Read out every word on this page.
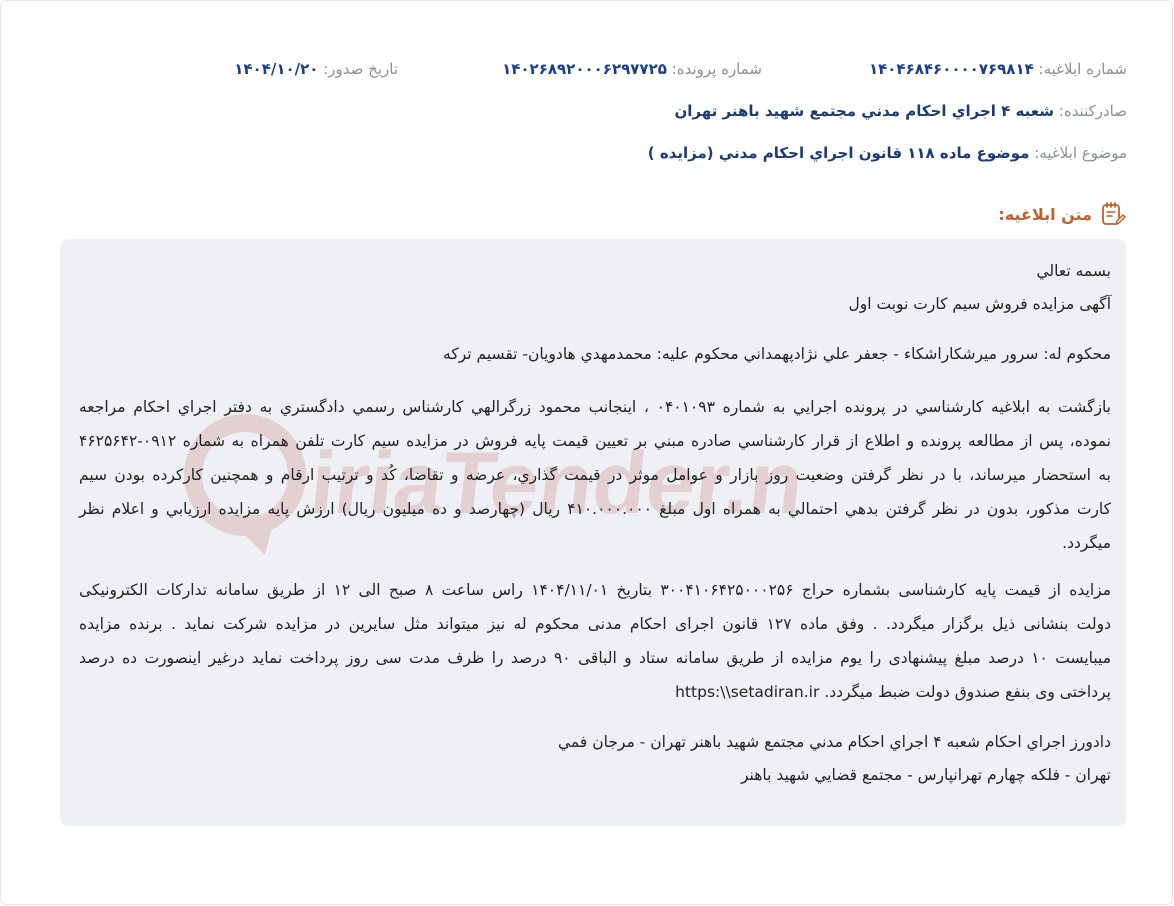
شماره ابلاغیه: ۱۴۰۴۶۸۴۶۰۰۰۰۷۶۹۸۱۴
شماره پرونده: ۱۴۰۲۶۸۹۲۰۰۰۶۲۹۷۷۲۵
تاریخ صدور: ۱۴۰۴/۱۰/۲۰
صادرکننده: شعبه ۴ اجراي احکام مدني مجتمع شهيد باهنر تهران
موضوع ابلاغیه: موضوع ماده ۱۱۸ قانون اجراي احکام مدني (مزايده )
متن ابلاغیه:
بسمه تعالي
آگهی مزايده فروش سيم کارت نوبت اول
محکوم له: سرور ميرشکاراشکاء - جعفر علي نژادپهمداني محکوم عليه: محمدمهدي هادويان- تقسيم ترکه
بازگشت به ابلاغيه کارشناسي در پرونده اجرايي به شماره ۰۴۰۱۰۹۳ ، اينجانب محمود زرگرالهي کارشناس رسمي دادگستري به دفتر اجراي احکام مراجعه
نموده، پس از مطالعه پرونده و اطلاع از قرار کارشناسي صادره مبني بر تعيين قيمت پايه فروش در مزايده سيم کارت تلفن همراه به شماره ۰۹۱۲-۴۶۲۵۶۴۲
به استحضار ميرساند، با در نظر گرفتن وضعيت روز بازار و عوامل موثر در قيمت گذاري، عرضه و تقاضا، کُد و ترتيب ارقام و همچنين کارکرده بودن سيم
کارت مذکور، بدون در نظر گرفتن بدهي احتمالي به همراه اول مبلغ ۴۱۰.۰۰۰.۰۰۰ ريال (چهارصد و ده ميليون ريال) ارزش پايه مزايده ارزيابي و اعلام نظر
ميگردد.
مزایده از قیمت پایه کارشناسی بشماره حراج ۳۰۰۴۱۰۶۴۲۵۰۰۰۲۵۶ بتاریخ ۱۴۰۴/۱۱/۰۱ راس ساعت ۸ صبح الی ۱۲ از طریق سامانه تدارکات الکترونیکی
دولت بنشانی ذیل برگزار میگردد. . وفق ماده ۱۲۷ قانون اجرای احکام مدنی محکوم له نیز میتواند مثل سایرین در مزایده شرکت نماید . برنده مزایده
میبایست ۱۰ درصد مبلغ پیشنهادی را یوم مزایده از طریق سامانه ستاد و الباقی ۹۰ درصد را ظرف مدت سی روز پرداخت نماید درغیر اینصورت ده درصد
پرداختی وی بنفع صندوق دولت ضبط میگردد. https:\\setadiran.ir
دادورز اجراي احکام شعبه ۴ اجراي احکام مدني مجتمع شهيد باهنر تهران - مرجان فمي
تهران - فلکه چهارم تهرانپارس - مجتمع قضايي شهيد باهنر
